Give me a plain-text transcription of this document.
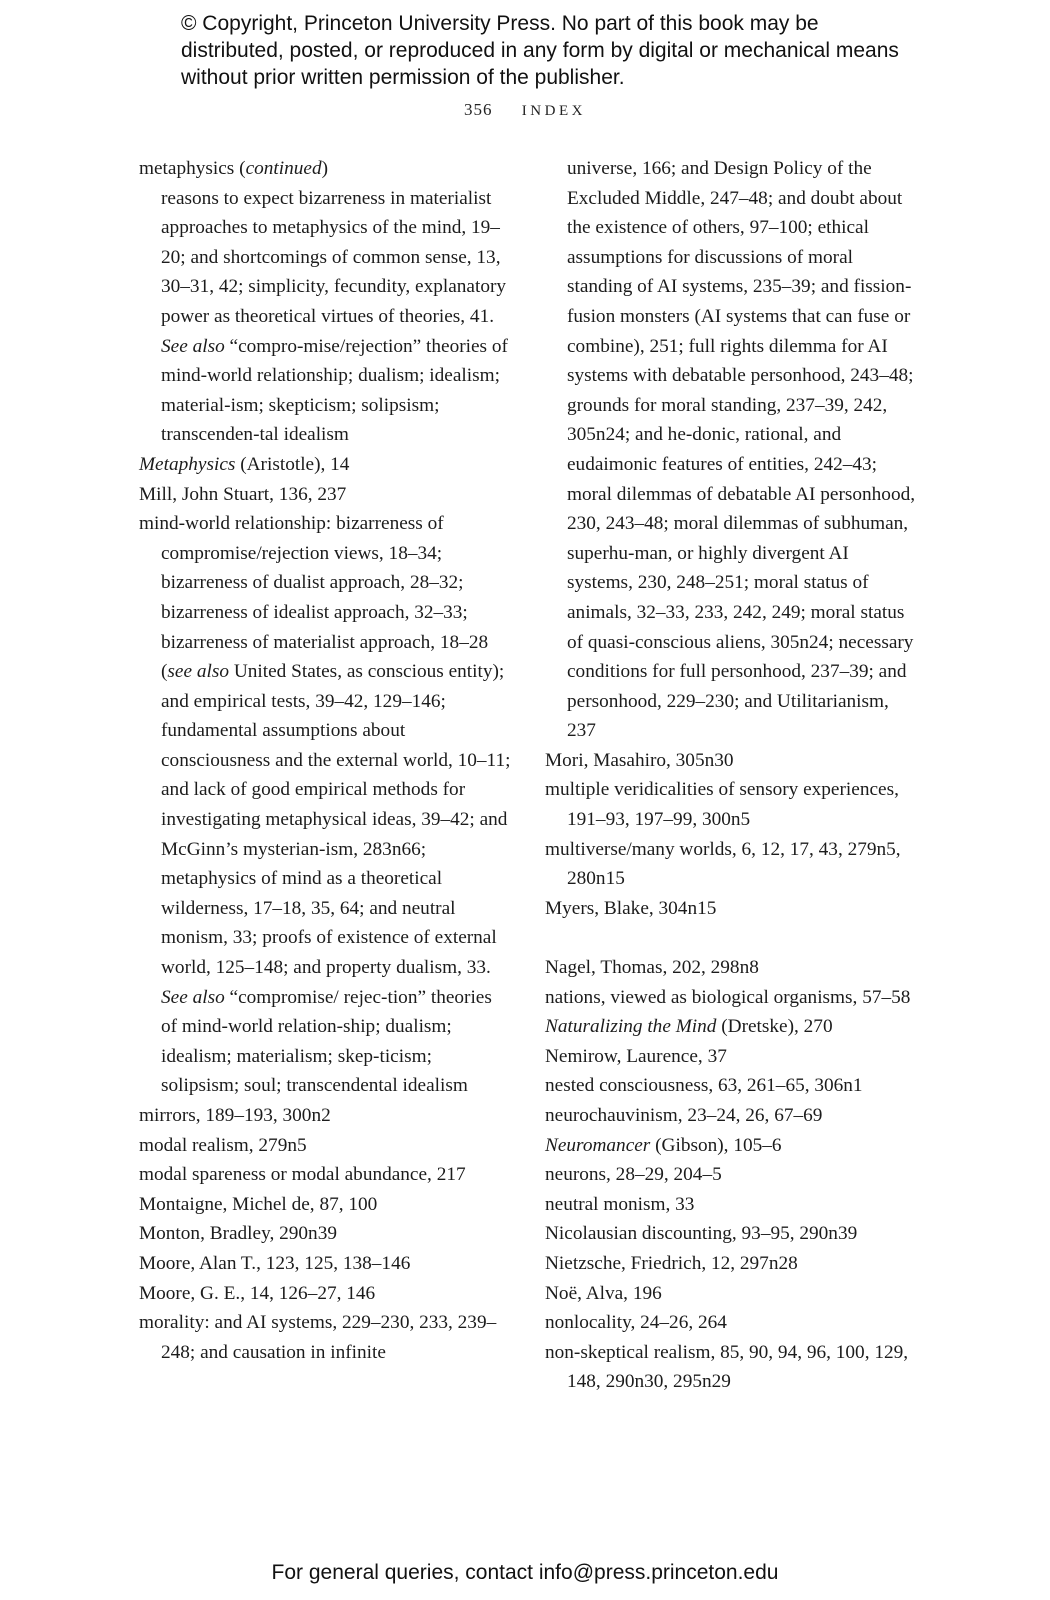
© Copyright, Princeton University Press. No part of this book may be distributed, posted, or reproduced in any form by digital or mechanical means without prior written permission of the publisher.
356 INDEX
metaphysics (continued)
reasons to expect bizarreness in materialist approaches to metaphysics of the mind, 19–20; and shortcomings of common sense, 13, 30–31, 42; simplicity, fecundity, explanatory power as theoretical virtues of theories, 41. See also “compro-mise/rejection” theories of mind-world relationship; dualism; idealism; material-ism; skepticism; solipsism; transcenden-tal idealism
Metaphysics (Aristotle), 14
Mill, John Stuart, 136, 237
mind-world relationship: bizarreness of compromise/rejection views, 18–34; bizarreness of dualist approach, 28–32; bizarreness of idealist approach, 32–33; bizarreness of materialist approach, 18–28 (see also United States, as conscious entity); and empirical tests, 39–42, 129–146; fundamental assumptions about consciousness and the external world, 10–11; and lack of good empirical methods for investigating metaphysical ideas, 39–42; and McGinn’s mysterian-ism, 283n66; metaphysics of mind as a theoretical wilderness, 17–18, 35, 64; and neutral monism, 33; proofs of existence of external world, 125–148; and property dualism, 33. See also “compromise/ rejec-tion” theories of mind-world relation-ship; dualism; idealism; materialism; skep-ticism; solipsism; soul; transcendental idealism
mirrors, 189–193, 300n2
modal realism, 279n5
modal spareness or modal abundance, 217
Montaigne, Michel de, 87, 100
Monton, Bradley, 290n39
Moore, Alan T., 123, 125, 138–146
Moore, G. E., 14, 126–27, 146
morality: and AI systems, 229–230, 233, 239–248; and causation in infinite
universe, 166; and Design Policy of the Excluded Middle, 247–48; and doubt about the existence of others, 97–100; ethical assumptions for discussions of moral standing of AI systems, 235–39; and fission-fusion monsters (AI systems that can fuse or combine), 251; full rights dilemma for AI systems with debatable personhood, 243–48; grounds for moral standing, 237–39, 242, 305n24; and he-donic, rational, and eudaimonic features of entities, 242–43; moral dilemmas of debatable AI personhood, 230, 243–48; moral dilemmas of subhuman, superhu-man, or highly divergent AI systems, 230, 248–251; moral status of animals, 32–33, 233, 242, 249; moral status of quasi-conscious aliens, 305n24; necessary conditions for full personhood, 237–39; and personhood, 229–230; and Utilitarianism, 237
Mori, Masahiro, 305n30
multiple veridicalities of sensory experiences, 191–93, 197–99, 300n5
multiverse/many worlds, 6, 12, 17, 43, 279n5, 280n15
Myers, Blake, 304n15
Nagel, Thomas, 202, 298n8
nations, viewed as biological organisms, 57–58
Naturalizing the Mind (Dretske), 270
Nemirow, Laurence, 37
nested consciousness, 63, 261–65, 306n1
neurochauvinism, 23–24, 26, 67–69
Neuromancer (Gibson), 105–6
neurons, 28–29, 204–5
neutral monism, 33
Nicolausian discounting, 93–95, 290n39
Nietzsche, Friedrich, 12, 297n28
Noë, Alva, 196
nonlocality, 24–26, 264
non-skeptical realism, 85, 90, 94, 96, 100, 129, 148, 290n30, 295n29
For general queries, contact info@press.princeton.edu
